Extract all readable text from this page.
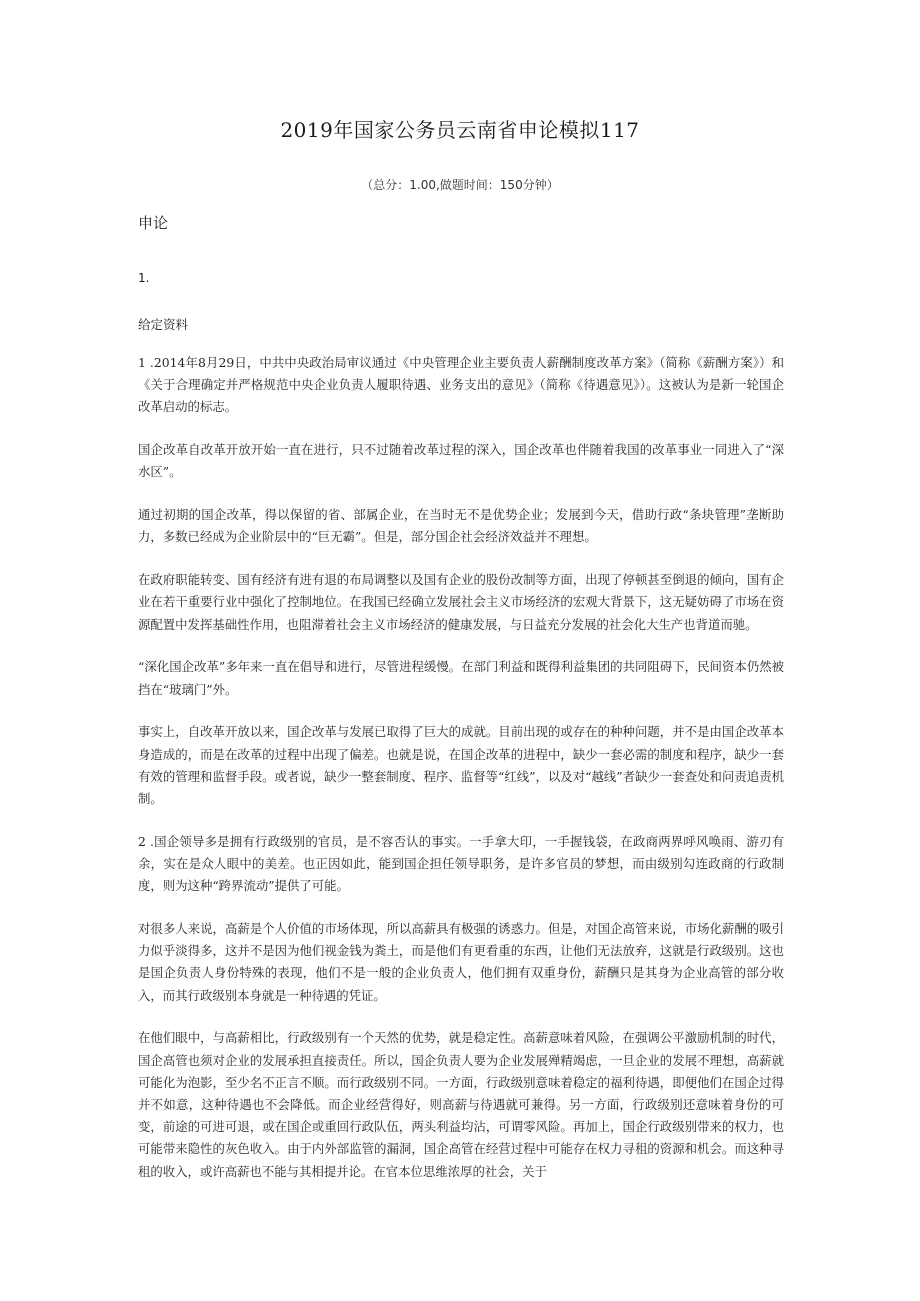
2019年国家公务员云南省申论模拟117
（总分：1.00,做题时间：150分钟）
申论
1.
给定资料

1 .2014年8月29日，中共中央政治局审议通过《中央管理企业主要负责人薪酬制度改革方案》（简称《薪酬方案》）和《关于合理确定并严格规范中央企业负责人履职待遇、业务支出的意见》（简称《待遇意见》）。这被认为是新一轮国企改革启动的标志。

国企改革自改革开放开始一直在进行，只不过随着改革过程的深入，国企改革也伴随着我国的改革事业一同进入了“深水区”。

通过初期的国企改革，得以保留的省、部属企业，在当时无不是优势企业；发展到今天，借助行政“条块管理”垄断助力，多数已经成为企业阶层中的“巨无霸”。但是，部分国企社会经济效益并不理想。

在政府职能转变、国有经济有进有退的布局调整以及国有企业的股份改制等方面，出现了停顿甚至倒退的倾向，国有企业在若干重要行业中强化了控制地位。在我国已经确立发展社会主义市场经济的宏观大背景下，这无疑妨碍了市场在资源配置中发挥基础性作用，也阻滞着社会主义市场经济的健康发展，与日益充分发展的社会化大生产也背道而驰。

“深化国企改革”多年来一直在倡导和进行，尽管进程缓慢。在部门利益和既得利益集团的共同阻碍下，民间资本仍然被挡在“玻璃门”外。

事实上，自改革开放以来，国企改革与发展已取得了巨大的成就。目前出现的或存在的种种问题，并不是由国企改革本身造成的，而是在改革的过程中出现了偏差。也就是说，在国企改革的进程中，缺少一套必需的制度和程序，缺少一套有效的管理和监督手段。或者说，缺少一整套制度、程序、监督等“红线”，以及对“越线”者缺少一套查处和问责追责机制。

2 .国企领导多是拥有行政级别的官员，是不容否认的事实。一手拿大印，一手握钱袋，在政商两界呼风唤雨、游刃有余，实在是众人眼中的美差。也正因如此，能到国企担任领导职务，是许多官员的梦想，而由级别勾连政商的行政制度，则为这种“跨界流动”提供了可能。

对很多人来说，高薪是个人价值的市场体现，所以高薪具有极强的诱惑力。但是，对国企高管来说，市场化薪酬的吸引力似乎淡得多，这并不是因为他们视金钱为粪土，而是他们有更看重的东西，让他们无法放弃，这就是行政级别。这也是国企负责人身份特殊的表现，他们不是一般的企业负责人，他们拥有双重身份，薪酬只是其身为企业高管的部分收入，而其行政级别本身就是一种待遇的凭证。

在他们眼中，与高薪相比，行政级别有一个天然的优势，就是稳定性。高薪意味着风险，在强调公平激励机制的时代，国企高管也须对企业的发展承担直接责任。所以，国企负责人要为企业发展殚精竭虑，一旦企业的发展不理想，高薪就可能化为泡影，至少名不正言不顺。而行政级别不同。一方面，行政级别意味着稳定的福利待遇，即便他们在国企过得并不如意，这种待遇也不会降低。而企业经营得好，则高薪与待遇就可兼得。另一方面，行政级别还意味着身份的可变，前途的可进可退，或在国企或重回行政队伍，两头利益均沾，可谓零风险。再加上，国企行政级别带来的权力，也可能带来隐性的灰色收入。由于内外部监管的漏洞，国企高管在经营过程中可能存在权力寻租的资源和机会。而这种寻租的收入，或许高薪也不能与其相提并论。在官本位思维浓厚的社会，关于
